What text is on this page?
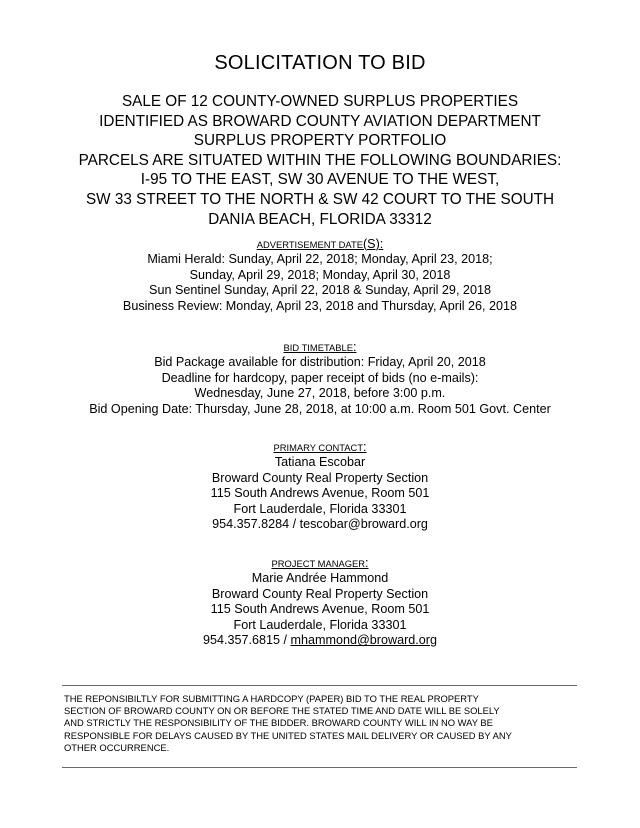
SOLICITATION TO BID
SALE OF 12 COUNTY-OWNED SURPLUS PROPERTIES
IDENTIFIED AS BROWARD COUNTY AVIATION DEPARTMENT
SURPLUS PROPERTY PORTFOLIO
PARCELS ARE SITUATED WITHIN THE FOLLOWING BOUNDARIES:
I-95 TO THE EAST, SW 30 AVENUE TO THE WEST,
SW 33 STREET TO THE NORTH & SW 42 COURT TO THE SOUTH
DANIA BEACH, FLORIDA 33312
ADVERTISEMENT DATE(S):
Miami Herald: Sunday, April 22, 2018; Monday, April 23, 2018;
Sunday, April 29, 2018; Monday, April 30, 2018
Sun Sentinel Sunday, April 22, 2018 & Sunday, April 29, 2018
Business Review: Monday, April 23, 2018 and Thursday, April 26, 2018
BID TIMETABLE:
Bid Package available for distribution: Friday, April 20, 2018
Deadline for hardcopy, paper receipt of bids (no e-mails):
Wednesday, June 27, 2018, before 3:00 p.m.
Bid Opening Date: Thursday, June 28, 2018, at 10:00 a.m. Room 501 Govt. Center
PRIMARY CONTACT:
Tatiana Escobar
Broward County Real Property Section
115 South Andrews Avenue, Room 501
Fort Lauderdale, Florida 33301
954.357.8284 / tescobar@broward.org
PROJECT MANAGER:
Marie Andrée Hammond
Broward County Real Property Section
115 South Andrews Avenue, Room 501
Fort Lauderdale, Florida 33301
954.357.6815 / mhammond@broward.org
THE REPONSIBILTLY FOR SUBMITTING A HARDCOPY (PAPER) BID TO THE REAL PROPERTY
SECTION OF BROWARD COUNTY ON OR BEFORE THE STATED TIME AND DATE WILL BE SOLELY
AND STRICTLY THE RESPONSIBILITY OF THE BIDDER. BROWARD COUNTY WILL IN NO WAY BE
RESPONSIBLE FOR DELAYS CAUSED BY THE UNITED STATES MAIL DELIVERY OR CAUSED BY ANY
OTHER OCCURRENCE.
